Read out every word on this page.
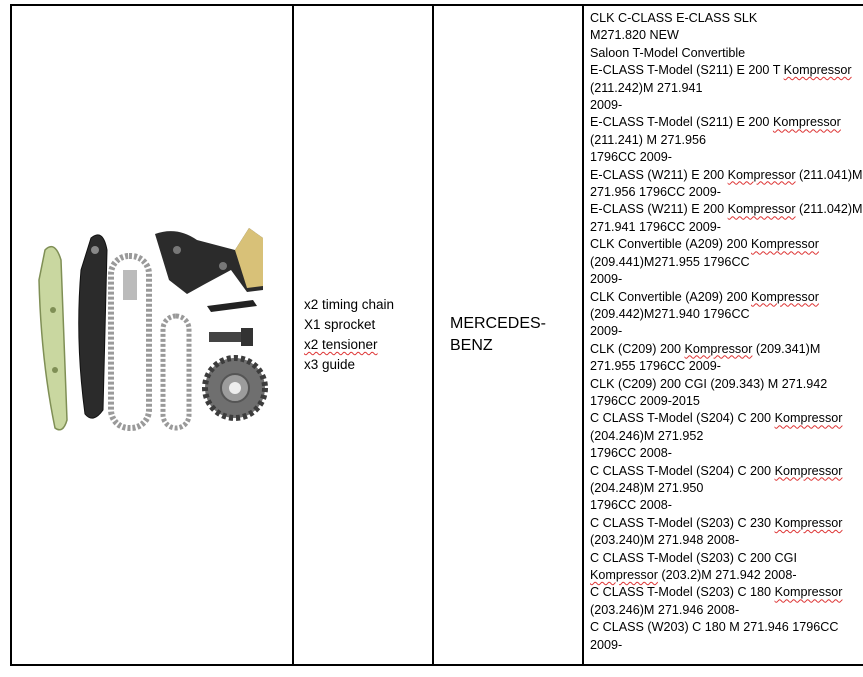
x2 timing chain
X1 sprocket
x2 tensioner
x3 guide

MERCEDES-
BENZ

CLK C-CLASS E-CLASS SLK
M271.820 NEW
Saloon T-Model Convertible
E-CLASS T-Model (S211) E 200 T Kompressor
(211.242)M 271.941
2009-
E-CLASS T-Model (S211) E 200 Kompressor
(211.241) M 271.956
1796CC 2009-
E-CLASS (W211) E 200 Kompressor (211.041)M
271.956 1796CC 2009-
E-CLASS (W211) E 200 Kompressor (211.042)M
271.941 1796CC 2009-
CLK Convertible (A209) 200 Kompressor
(209.441)M271.955 1796CC
2009-
CLK Convertible (A209) 200 Kompressor
(209.442)M271.940 1796CC
2009-
CLK (C209) 200 Kompressor (209.341)M
271.955 1796CC 2009-
CLK (C209) 200 CGI (209.343) M 271.942
1796CC 2009-2015
C CLASS T-Model (S204) C 200 Kompressor
(204.246)M 271.952
1796CC 2008-
C CLASS T-Model (S204) C 200 Kompressor
(204.248)M 271.950
1796CC 2008-
C CLASS T-Model (S203) C 230 Kompressor
(203.240)M 271.948 2008-
C CLASS T-Model (S203) C 200 CGI
Kompressor (203.2)M 271.942 2008-
C CLASS T-Model (S203) C 180 Kompressor
(203.246)M 271.946 2008-
C CLASS (W203) C 180 M 271.946 1796CC
2009-
